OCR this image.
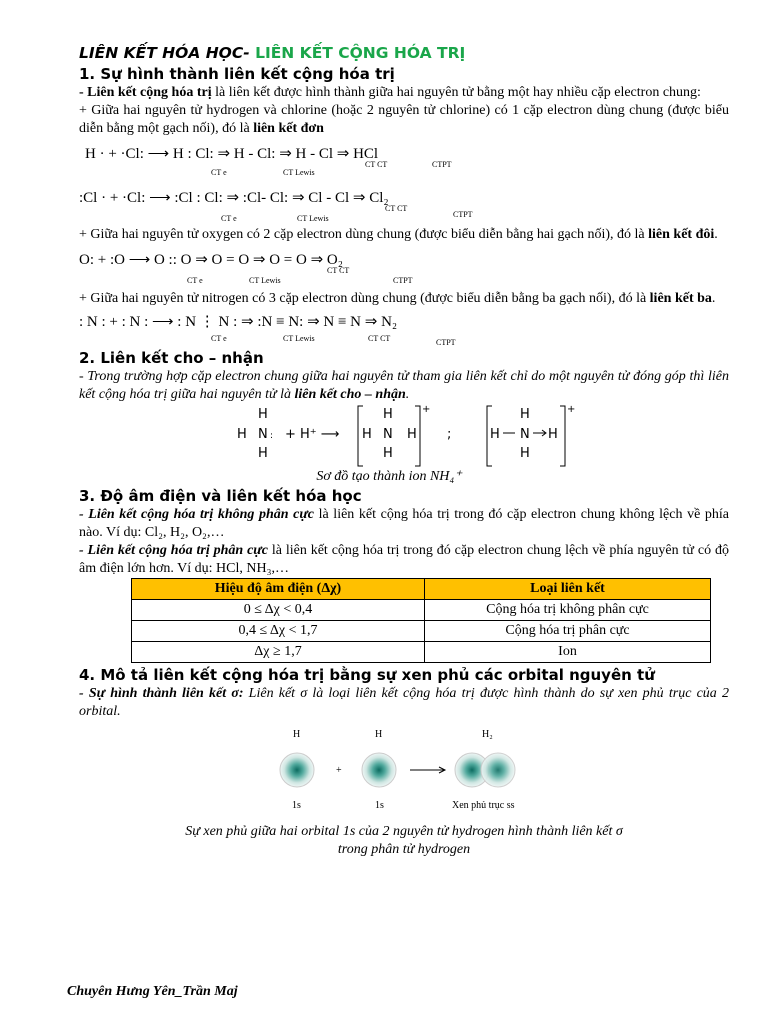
LIÊN KẾT HÓA HỌC- LIÊN KẾT CỘNG HÓA TRỊ

1. Sự hình thành liên kết cộng hóa trị

- Liên kết cộng hóa trị là liên kết được hình thành giữa hai nguyên tử bằng một hay nhiều cặp electron chung:

+ Giữa hai nguyên tử hydrogen và chlorine (hoặc 2 nguyên tử chlorine) có 1 cặp electron dùng chung (được biểu diễn bằng một gạch nối), đó là liên kết đơn

H · + ·Cl: ⟶ H : Cl: ⇒ H - Cl: ⇒ H - Cl ⇒ HCl
CT e	CT Lewis
CT CT	CTPT
:Cl · + ·Cl: ⟶ :Cl : Cl: ⇒ :Cl- Cl: ⇒ Cl - Cl ⇒ Cl₂
CT e	CT Lewis
CT CT
CTPT

+ Giữa hai nguyên tử oxygen có 2 cặp electron dùng chung (được biểu diễn bằng hai gạch nối), đó là liên kết đôi.

O: + :O ⟶ O :: O ⇒ O = O ⇒ O = O ⇒ O₂
CT e	CT Lewis
CT CT
CTPT

+ Giữa hai nguyên tử nitrogen có 3 cặp electron dùng chung (được biểu diễn bằng ba gạch nối), đó là liên kết ba.

: N : + : N : ⟶ : N ⋮ N : ⇒ :N ≡ N: ⇒ N ≡ N ⇒ N₂
CT e	CT Lewis	CT CT	CTPT
2. Liên kết cho – nhận

- Trong trường hợp cặp electron chung giữa hai nguyên tử tham gia liên kết chỉ do một nguyên tử đóng góp thì liên kết cộng hóa trị giữa hai nguyên tử là liên kết cho – nhận.

H
H N
H
: + H⁺ ⟶
H
H N H
H
+
;
H
H N H
H
+

Sơ đồ tạo thành ion NH₄⁺

3. Độ âm điện và liên kết hóa học

- Liên kết cộng hóa trị không phân cực là liên kết cộng hóa trị trong đó cặp electron chung không lệch về phía nào. Ví dụ: Cl₂, H₂, O₂,…

- Liên kết cộng hóa trị phân cực là liên kết cộng hóa trị trong đó cặp electron chung lệch về phía nguyên tử có độ âm điện lớn hơn. Ví dụ: HCl, NH₃,…

Hiệu độ âm điện (Δχ)	Loại liên kết
0 ≤ Δχ < 0,4	Cộng hóa trị không phân cực
0,4 ≤ Δχ < 1,7	Cộng hóa trị phân cực
Δχ ≥ 1,7	Ion
4. Mô tả liên kết cộng hóa trị bằng sự xen phủ các orbital nguyên tử

- Sự hình thành liên kết σ: Liên kết σ là loại liên kết cộng hóa trị được hình thành do sự xen phủ trục của 2 orbital.

H	H	H₂
+
1s	1s	Xen phủ trục ss

Sự xen phủ giữa hai orbital 1s của 2 nguyên tử hydrogen hình thành liên kết σ

trong phân tử hydrogen

Chuyên Hưng Yên_Trần Maj
